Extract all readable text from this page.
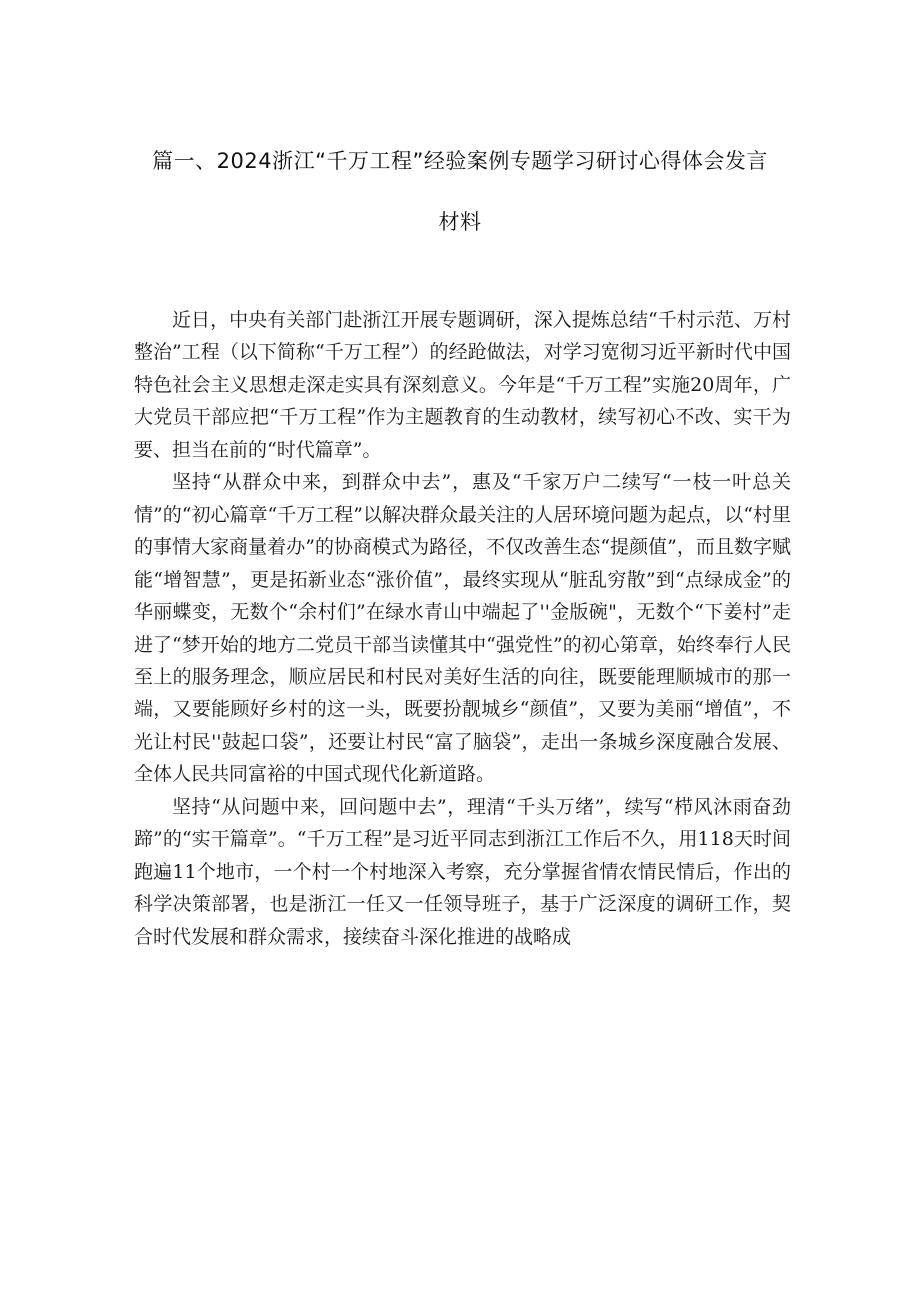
篇一、2024浙江“千万工程”经验案例专题学习研讨心得体会发言
材料

近日，中央有关部门赴浙江开展专题调研，深入提炼总结“千村示范、万村整治”工程（以下简称“千万工程”）的经跄做法，对学习宽彻习近平新时代中国特色社会主义思想走深走实具有深刻意义。今年是“千万工程”实施20周年，广大党员干部应把“千万工程”作为主题教育的生动教材，续写初心不改、实干为要、担当在前的“时代篇章”。

坚持“从群众中来，到群众中去”，惠及“千家万户二续写“一枝一叶总关情”的“初心篇章“千万工程”以解决群众最关注的人居环境问题为起点，以“村里的事情大家商量着办”的协商模式为路径，不仅改善生态“提颜值”，而且数字赋能“增智慧”，更是拓新业态“涨价值”，最终实现从“脏乱穷散”到“点绿成金”的华丽蝶变，无数个“余村们”在绿水青山中端起了''金版碗"，无数个“下姜村”走进了“梦开始的地方二党员干部当读懂其中“强党性”的初心第章，始终奉行人民至上的服务理念，顺应居民和村民对美好生活的向往，既要能理顺城市的那一端，又要能顾好乡村的这一头，既要扮靓城乡“颜值”，又要为美丽“增值”，不光让村民''鼓起口袋”，还要让村民“富了脑袋”，走出一条城乡深度融合发展、全体人民共同富裕的中国式现代化新道路。

坚持“从问题中来，回问题中去”，理清“千头万绪”，续写“栉风沐雨奋劲蹄”的“实干篇章”。“千万工程”是习近平同志到浙江工作后不久，用118天时间跑遍11个地市，一个村一个村地深入考察，充分掌握省情农情民情后，作出的科学决策部署，也是浙江一任又一任领导班子，基于广泛深度的调研工作，契合时代发展和群众需求，接续奋斗深化推进的战略成
